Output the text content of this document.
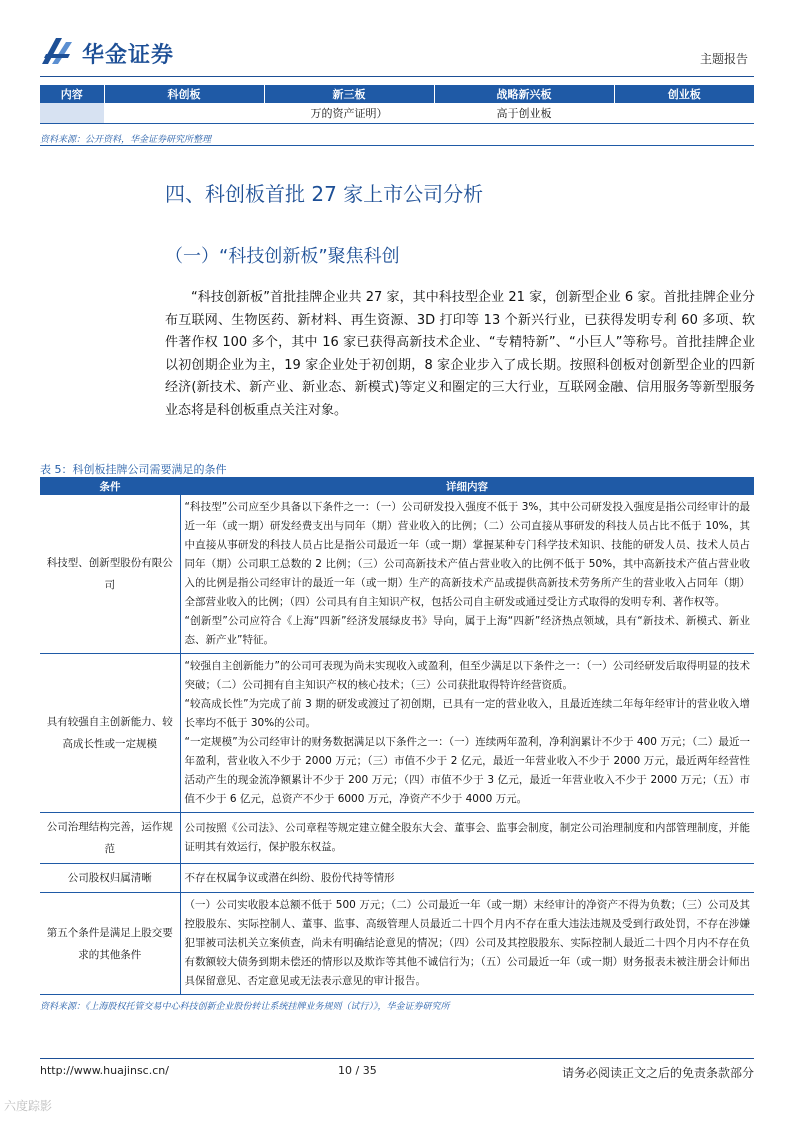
华金证券	主题报告
内容	科创板	新三板	战略新兴板	创业板
		万的资产证明）	高于创业板	
资料来源：公开资料，华金证券研究所整理
四、科创板首批 27 家上市公司分析
（一）“科技创新板”聚焦科创

“科技创新板”首批挂牌企业共 27 家，其中科技型企业 21 家，创新型企业 6 家。首批挂牌企业分布互联网、生物医药、新材料、再生资源、3D 打印等 13 个新兴行业，已获得发明专利 60 多项、软件著作权 100 多个，其中 16 家已获得高新技术企业、“专精特新”、“小巨人”等称号。首批挂牌企业以初创期企业为主，19 家企业处于初创期，8 家企业步入了成长期。按照科创板对创新型企业的四新经济(新技术、新产业、新业态、新模式)等定义和圈定的三大行业，互联网金融、信用服务等新型服务业态将是科创板重点关注对象。

表 5：科创板挂牌公司需要满足的条件
条件	详细内容
科技型、创新型股份有限公司	“科技型”公司应至少具备以下条件之一：（一）公司研发投入强度不低于 3%，其中公司研发投入强度是指公司经审计的最近一年（或一期）研发经费支出与同年（期）营业收入的比例；（二）公司直接从事研发的科技人员占比不低于 10%，其中直接从事研发的科技人员占比是指公司最近一年（或一期）掌握某种专门科学技术知识、技能的研发人员、技术人员占同年（期）公司职工总数的 2 比例；（三）公司高新技术产值占营业收入的比例不低于 50%，其中高新技术产值占营业收入的比例是指公司经审计的最近一年（或一期）生产的高新技术产品或提供高新技术劳务所产生的营业收入占同年（期）全部营业收入的比例；（四）公司具有自主知识产权，包括公司自主研发或通过受让方式取得的发明专利、著作权等。
“创新型”公司应符合《上海“四新”经济发展绿皮书》导向，属于上海“四新”经济热点领域，具有“新技术、新模式、新业态、新产业”特征。

具有较强自主创新能力、较高成长性或一定规模	“较强自主创新能力”的公司可表现为尚未实现收入或盈利，但至少满足以下条件之一：（一）公司经研发后取得明显的技术突破；（二）公司拥有自主知识产权的核心技术；（三）公司获批取得特许经营资质。
“较高成长性”为完成了前 3 期的研发或渡过了初创期，已具有一定的营业收入，且最近连续二年每年经审计的营业收入增长率均不低于 30%的公司。
“一定规模”为公司经审计的财务数据满足以下条件之一：（一）连续两年盈利，净利润累计不少于 400 万元；（二）最近一年盈利，营业收入不少于 2000 万元；（三）市值不少于 2 亿元，最近一年营业收入不少于 2000 万元，最近两年经营性活动产生的现金流净额累计不少于 200 万元；（四）市值不少于 3 亿元，最近一年营业收入不少于 2000 万元；（五）市值不少于 6 亿元，总资产不少于 6000 万元，净资产不少于 4000 万元。

公司治理结构完善，运作规范	公司按照《公司法》、公司章程等规定建立健全股东大会、董事会、监事会制度，制定公司治理制度和内部管理制度，并能证明其有效运行，保护股东权益。

公司股权归属清晰	不存在权属争议或潜在纠纷、股份代持等情形

第五个条件是满足上股交要求的其他条件	（一）公司实收股本总额不低于 500 万元；（二）公司最近一年（或一期）末经审计的净资产不得为负数；（三）公司及其控股股东、实际控制人、董事、监事、高级管理人员最近二十四个月内不存在重大违法违规及受到行政处罚，不存在涉嫌犯罪被司法机关立案侦查，尚未有明确结论意见的情况；（四）公司及其控股股东、实际控制人最近二十四个月内不存在负有数额较大债务到期未偿还的情形以及欺诈等其他不诚信行为；（五）公司最近一年（或一期）财务报表未被注册会计师出具保留意见、否定意见或无法表示意见的审计报告。
资料来源：《上海股权托管交易中心科技创新企业股份转让系统挂牌业务规则（试行）》，华金证券研究所
http://www.huajinsc.cn/	10 / 35	请务必阅读正文之后的免责条款部分
六度踪影
